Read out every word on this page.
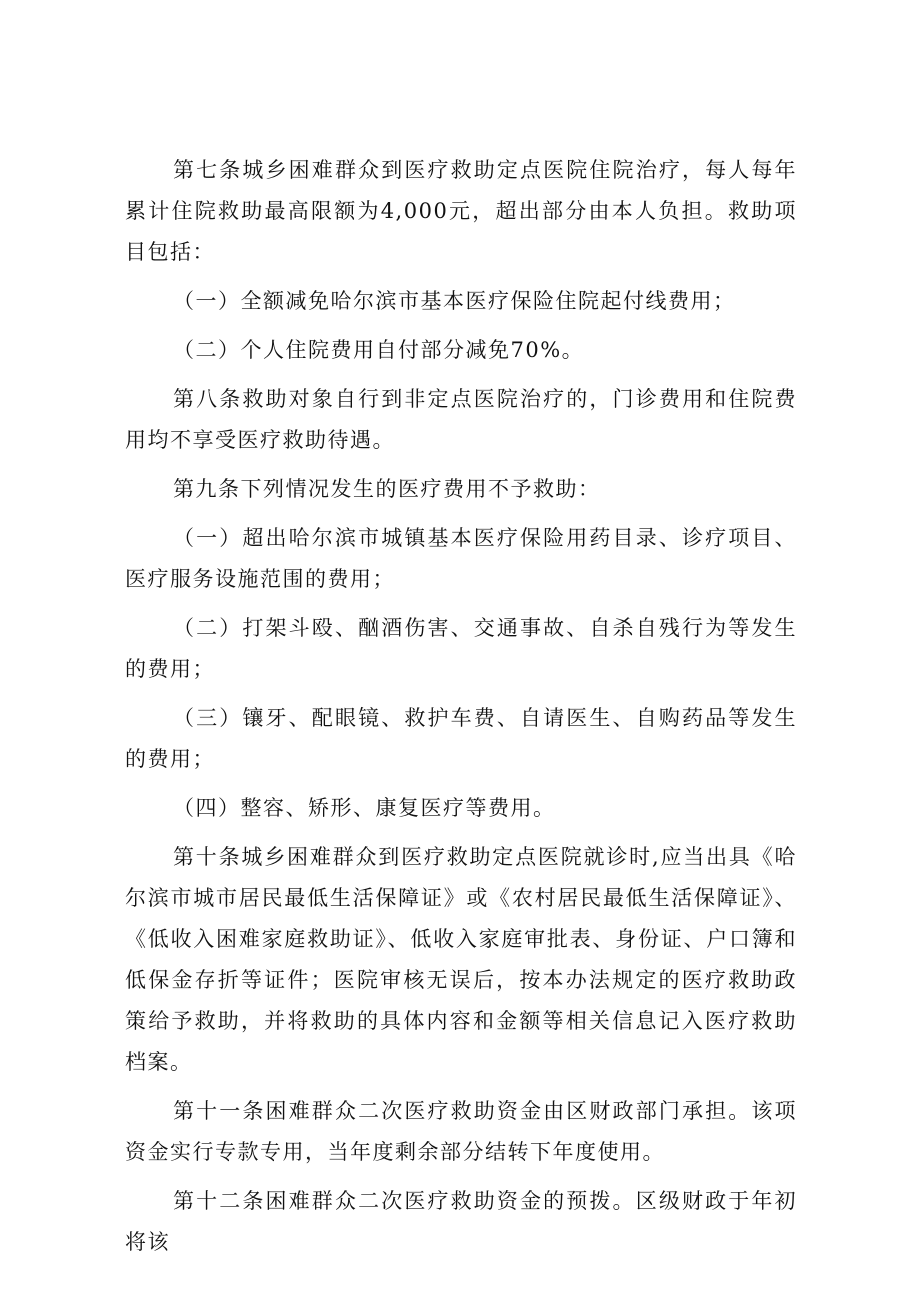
第七条城乡困难群众到医疗救助定点医院住院治疗，每人每年累计住院救助最高限额为4,000元，超出部分由本人负担。救助项目包括：

（一）全额减免哈尔滨市基本医疗保险住院起付线费用；

（二）个人住院费用自付部分减免70%。

第八条救助对象自行到非定点医院治疗的，门诊费用和住院费用均不享受医疗救助待遇。

第九条下列情况发生的医疗费用不予救助：

（一）超出哈尔滨市城镇基本医疗保险用药目录、诊疗项目、医疗服务设施范围的费用；

（二）打架斗殴、酗酒伤害、交通事故、自杀自残行为等发生的费用；

（三）镶牙、配眼镜、救护车费、自请医生、自购药品等发生的费用；

（四）整容、矫形、康复医疗等费用。

第十条城乡困难群众到医疗救助定点医院就诊时,应当出具《哈尔滨市城市居民最低生活保障证》或《农村居民最低生活保障证》、《低收入困难家庭救助证》、低收入家庭审批表、身份证、户口簿和低保金存折等证件；医院审核无误后，按本办法规定的医疗救助政策给予救助，并将救助的具体内容和金额等相关信息记入医疗救助档案。

第十一条困难群众二次医疗救助资金由区财政部门承担。该项资金实行专款专用，当年度剩余部分结转下年度使用。

第十二条困难群众二次医疗救助资金的预拨。区级财政于年初将该
